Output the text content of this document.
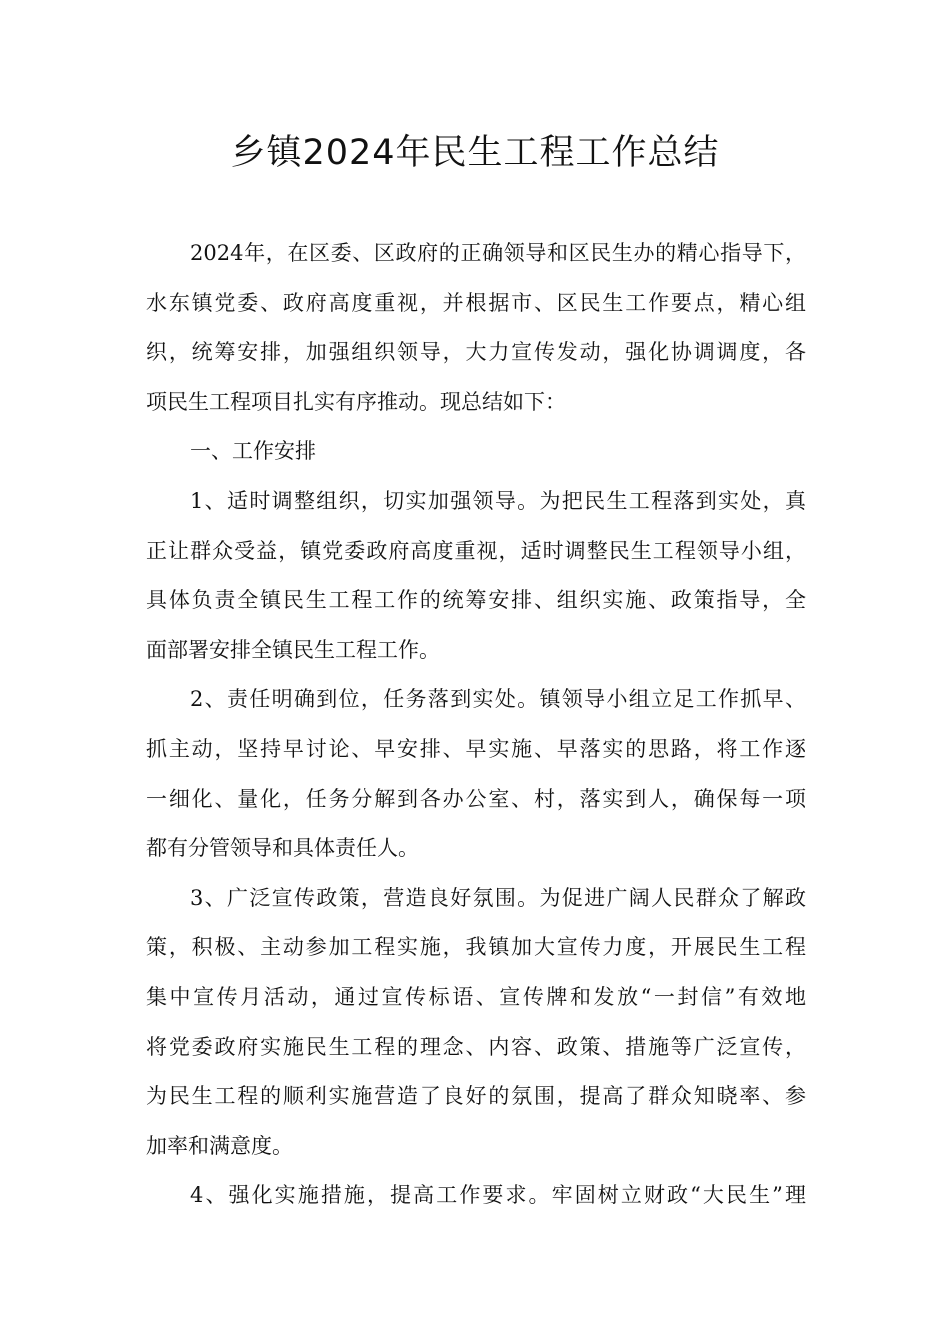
乡镇2024年民生工程工作总结
2024年，在区委、区政府的正确领导和区民生办的精心指导下，
水东镇党委、政府高度重视，并根据市、区民生工作要点，精心组
织，统筹安排，加强组织领导，大力宣传发动，强化协调调度，各
项民生工程项目扎实有序推动。现总结如下：
一、工作安排
1、适时调整组织，切实加强领导。为把民生工程落到实处，真
正让群众受益，镇党委政府高度重视，适时调整民生工程领导小组，
具体负责全镇民生工程工作的统筹安排、组织实施、政策指导，全
面部署安排全镇民生工程工作。
2、责任明确到位，任务落到实处。镇领导小组立足工作抓早、
抓主动，坚持早讨论、早安排、早实施、早落实的思路，将工作逐
一细化、量化，任务分解到各办公室、村，落实到人，确保每一项
都有分管领导和具体责任人。
3、广泛宣传政策，营造良好氛围。为促进广阔人民群众了解政
策，积极、主动参加工程实施，我镇加大宣传力度，开展民生工程
集中宣传月活动，通过宣传标语、宣传牌和发放“一封信”有效地
将党委政府实施民生工程的理念、内容、政策、措施等广泛宣传，
为民生工程的顺利实施营造了良好的氛围，提高了群众知晓率、参
加率和满意度。
4、强化实施措施，提高工作要求。牢固树立财政“大民生”理
